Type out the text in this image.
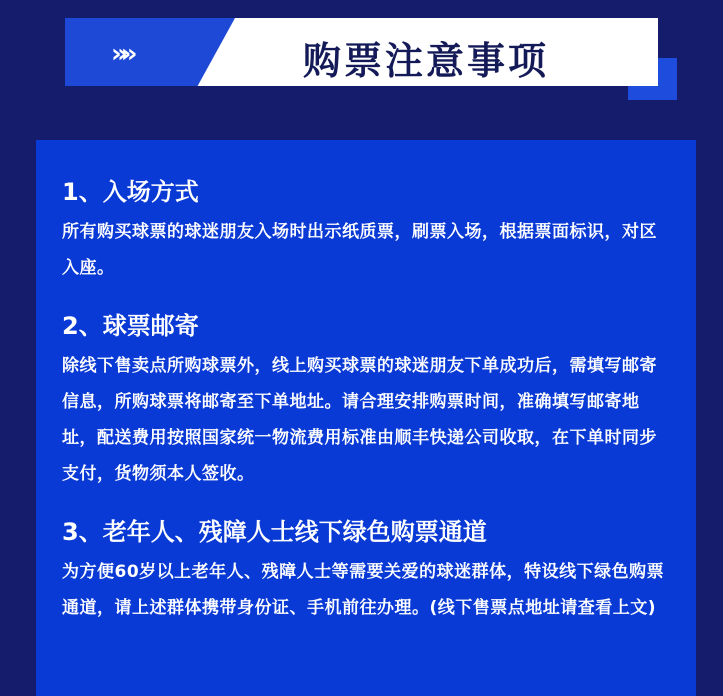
»»	购票注意事项

1、入场方式

所有购买球票的球迷朋友入场时出示纸质票，刷票入场，根据票面标识，对区入座。

2、球票邮寄

除线下售卖点所购球票外，线上购买球票的球迷朋友下单成功后，需填写邮寄信息，所购球票将邮寄至下单地址。请合理安排购票时间，准确填写邮寄地址，配送费用按照国家统一物流费用标准由顺丰快递公司收取，在下单时同步支付，货物须本人签收。

3、老年人、残障人士线下绿色购票通道

为方便60岁以上老年人、残障人士等需要关爱的球迷群体，特设线下绿色购票通道，请上述群体携带身份证、手机前往办理。(线下售票点地址请查看上文)
